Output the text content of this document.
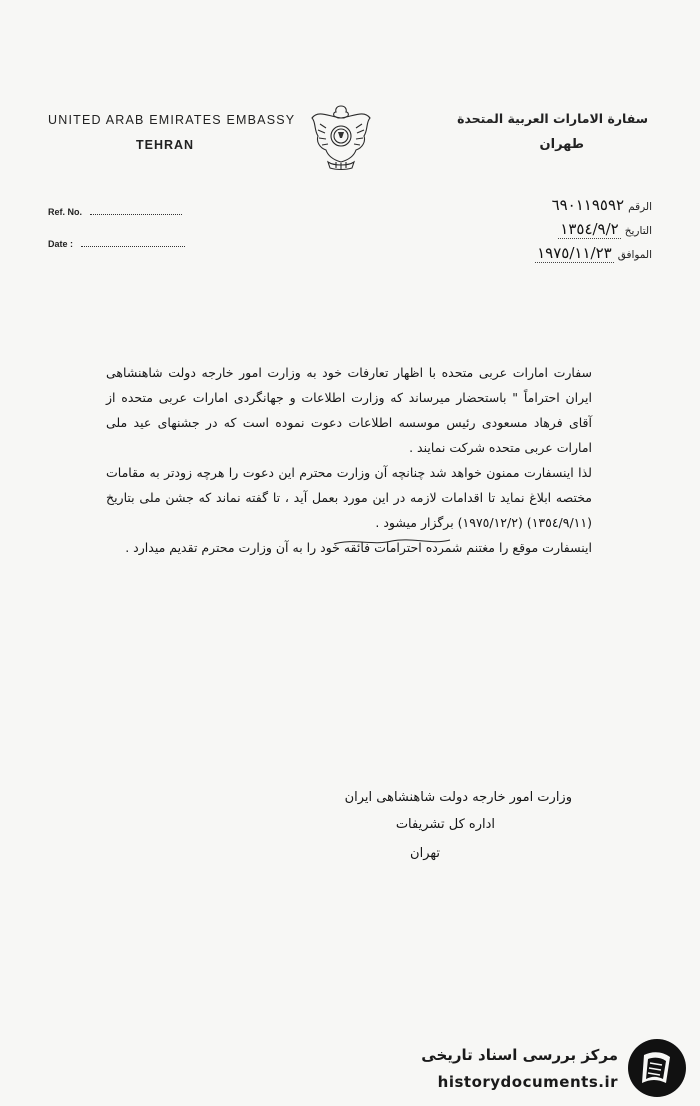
UNITED ARAB EMIRATES EMBASSY
TEHRAN
سفارة الامارات العربية المتحدة
طهران
Ref. No.
Date :
الرقم٦٩٠١١٩٥٩٢
التاريخ١٣٥٤/٩/٢
الموافق١٩٧٥/١١/٢٣

سفارت امارات عربی متحده با اظهار تعارفات خود به وزارت امور خارجه دولت شاهنشاهی ایران احتراماً " باستحضار میرساند که وزارت اطلاعات و جهانگردی امارات عربی متحده از آقای فرهاد مسعودی رئیس موسسه اطلاعات دعوت نموده است که در جشنهای عید ملی امارات عربی متحده شرکت نمایند .

لذا اینسفارت ممنون خواهد شد چنانچه آن وزارت محترم این دعوت را هرچه زودتر به مقامات مختصه ابلاغ نماید تا اقدامات لازمه در این مورد بعمل آید ، تا گفته نماند که جشن ملی بتاریخ (١٣٥٤/٩/١١) (١٩٧٥/١٢/٢) برگزار میشود .

اینسفارت موقع را مغتنم شمرده احترامات فائقه خود را به آن وزارت محترم تقدیم میدارد .

وزارت امور خارجه دولت شاهنشاهی ایران
اداره کل تشریفات
تهران
مرکز بررسی اسناد تاریخی
historydocuments.ir
